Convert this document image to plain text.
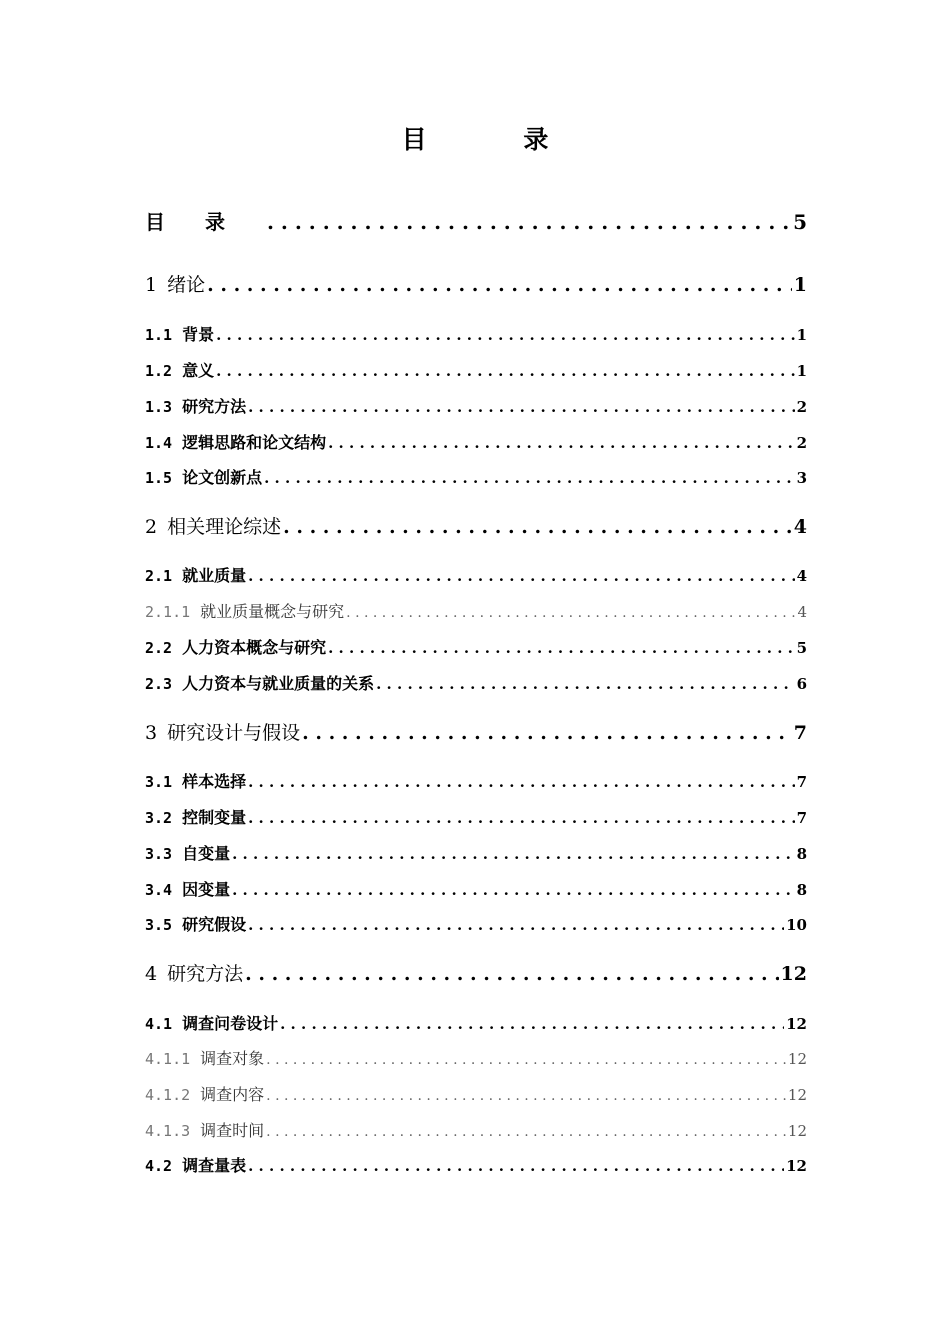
目 录
目录 . . .	5
1 绪论 . . .	1
1.1 背景 . . .	1
1.2 意义 . . .	1
1.3 研究方法 . . .	2
1.4 逻辑思路和论文结构 . . .	2
1.5 论文创新点 . . .	3
2 相关理论综述 . . .	4
2.1 就业质量 . . .	4
2.1.1 就业质量概念与研究 . . .	4
2.2 人力资本概念与研究 . . .	5
2.3 人力资本与就业质量的关系 . . .	6
3 研究设计与假设 . . .	7
3.1 样本选择 . . .	7
3.2 控制变量 . . .	7
3.3 自变量 . . .	8
3.4 因变量 . . .	8
3.5 研究假设 . . .	10
4 研究方法 . . .	12
4.1 调查问卷设计 . . .	12
4.1.1 调查对象 . . .	12
4.1.2 调查内容 . . .	12
4.1.3 调查时间 . . .	12
4.2 调查量表 . . .	12
